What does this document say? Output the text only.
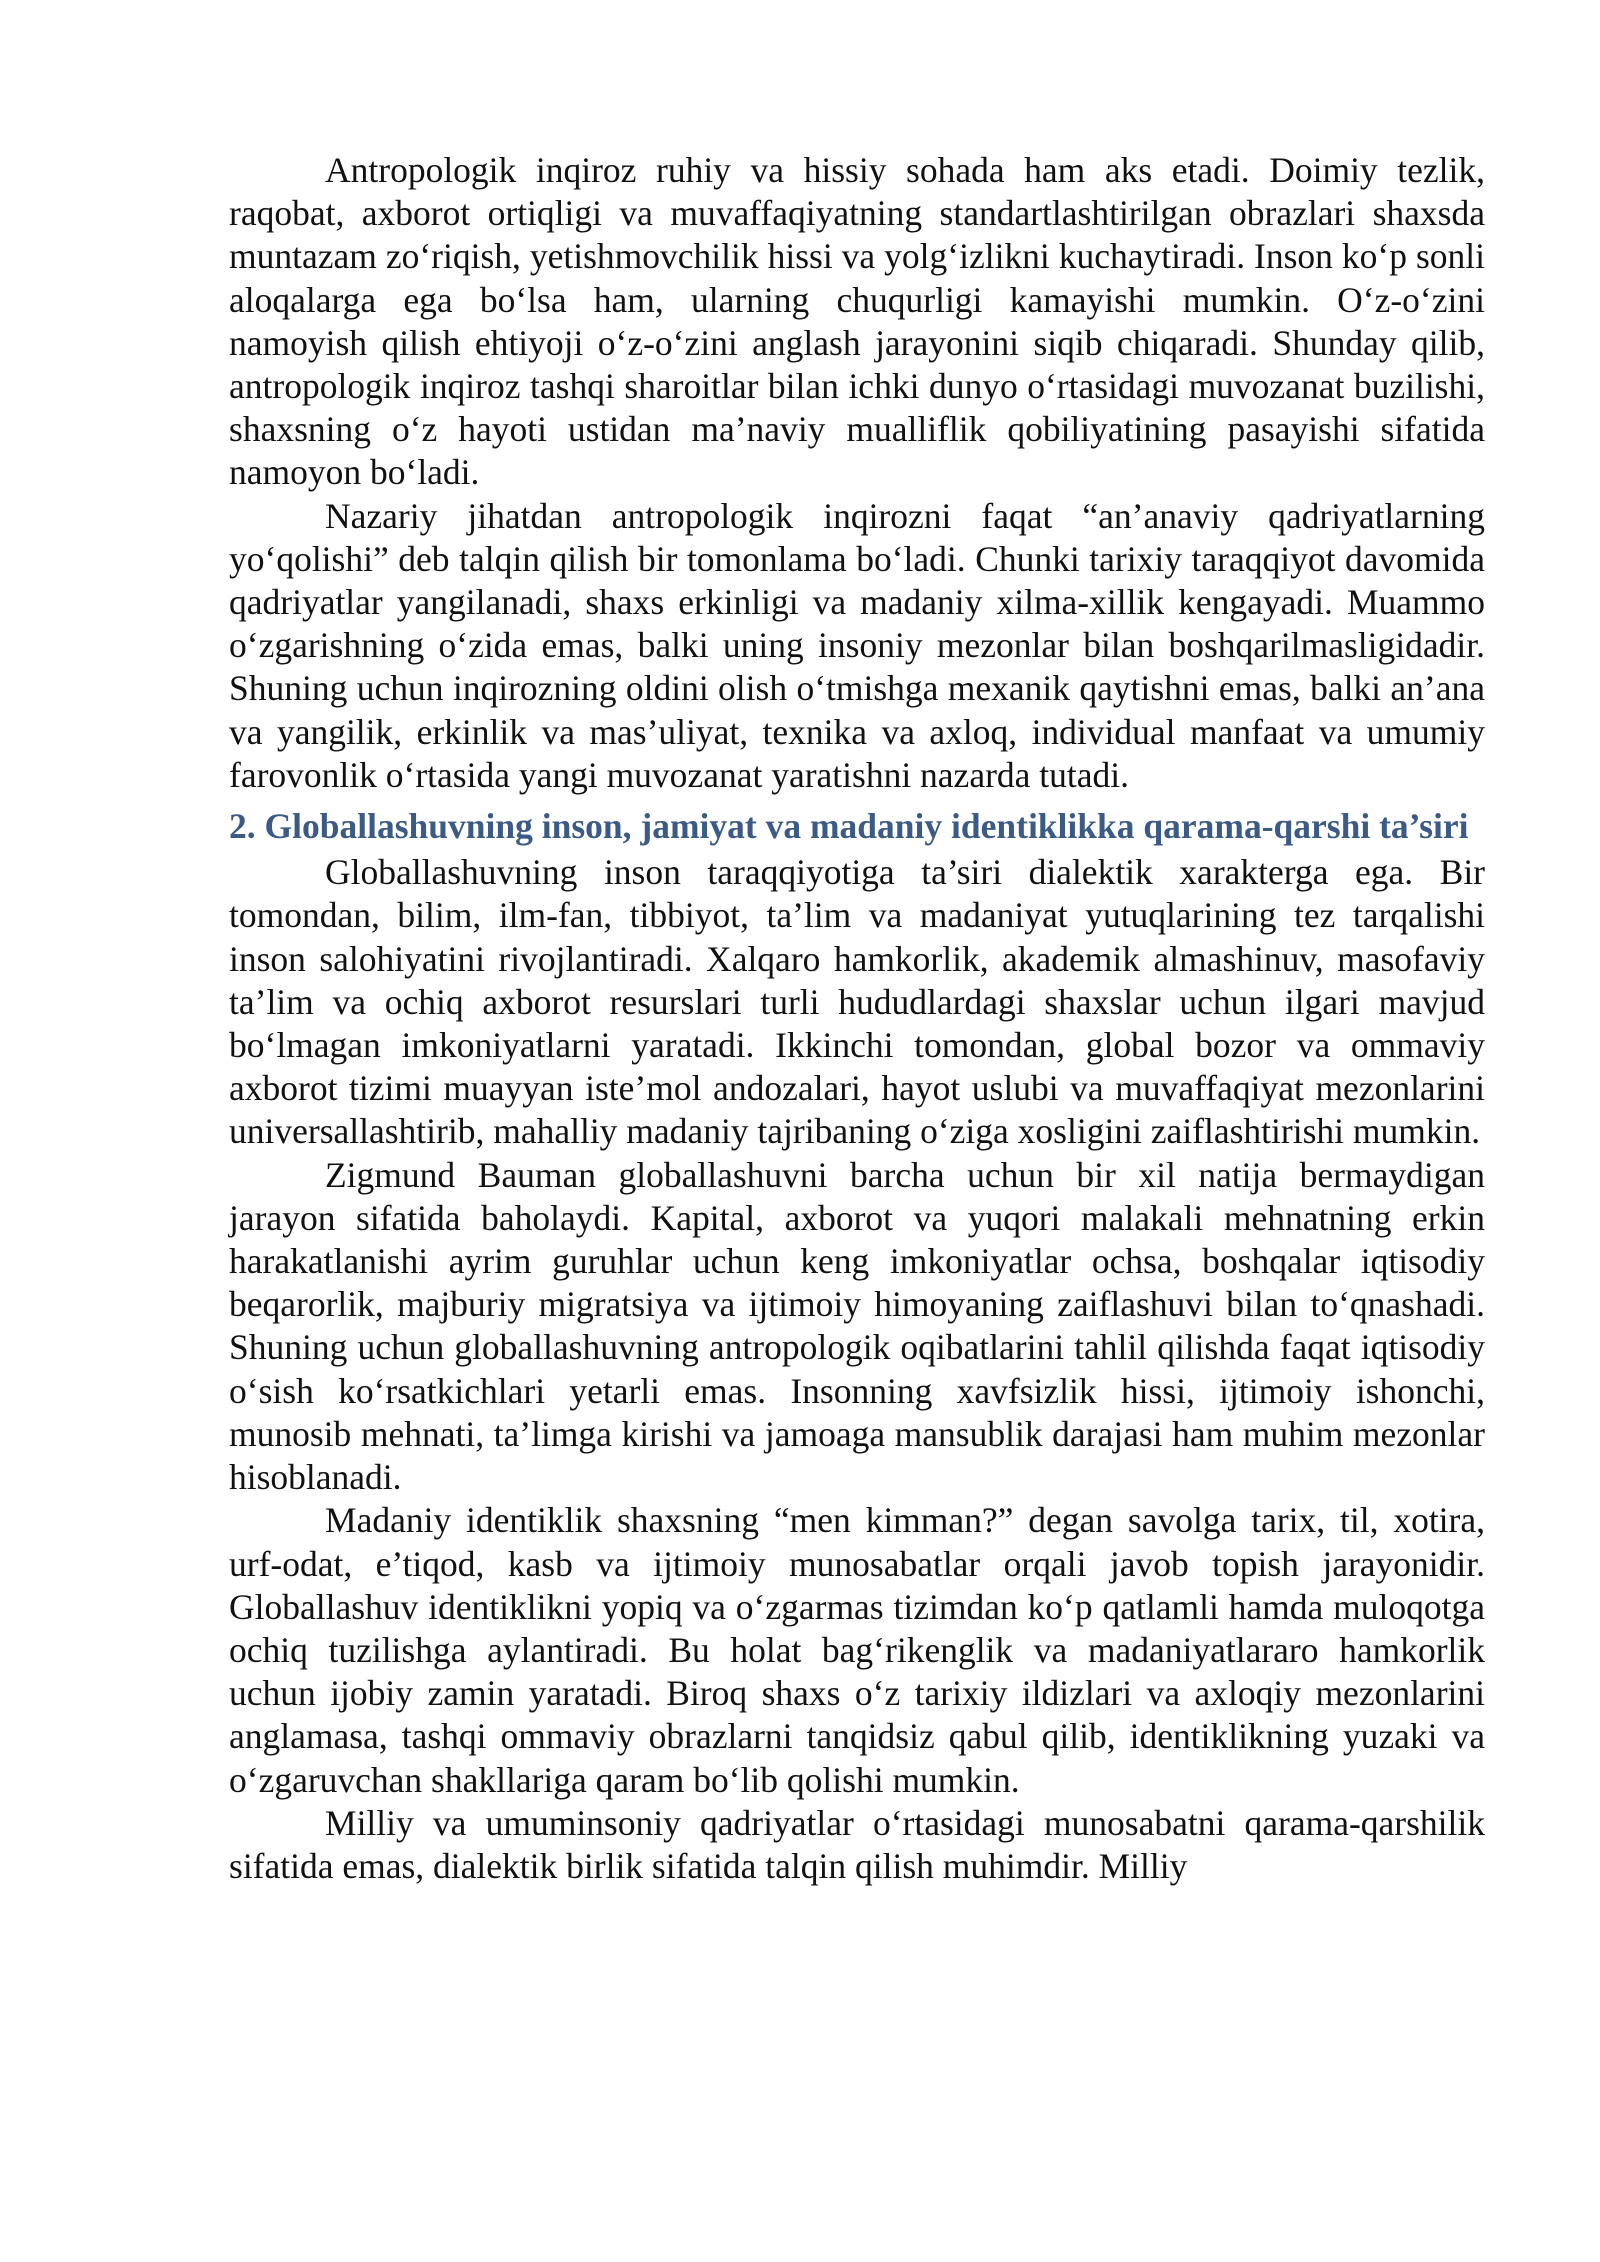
Antropologik inqiroz ruhiy va hissiy sohada ham aks etadi. Doimiy tezlik, raqobat, axborot ortiqligi va muvaffaqiyatning standartlashtirilgan obrazlari shaxsda muntazam zo‘riqish, yetishmovchilik hissi va yolg‘izlikni kuchaytiradi. Inson ko‘p sonli aloqalarga ega bo‘lsa ham, ularning chuqurligi kamayishi mumkin. O‘z-o‘zini namoyish qilish ehtiyoji o‘z-o‘zini anglash jarayonini siqib chiqaradi. Shunday qilib, antropologik inqiroz tashqi sharoitlar bilan ichki dunyo o‘rtasidagi muvozanat buzilishi, shaxsning o‘z hayoti ustidan ma’naviy mualliflik qobiliyatining pasayishi sifatida namoyon bo‘ladi.

Nazariy jihatdan antropologik inqirozni faqat “an’anaviy qadriyatlarning yo‘qolishi” deb talqin qilish bir tomonlama bo‘ladi. Chunki tarixiy taraqqiyot davomida qadriyatlar yangilanadi, shaxs erkinligi va madaniy xilma-xillik kengayadi. Muammo o‘zgarishning o‘zida emas, balki uning insoniy mezonlar bilan boshqarilmasligidadir. Shuning uchun inqirozning oldini olish o‘tmishga mexanik qaytishni emas, balki an’ana va yangilik, erkinlik va mas’uliyat, texnika va axloq, individual manfaat va umumiy farovonlik o‘rtasida yangi muvozanat yaratishni nazarda tutadi.

2. Globallashuvning inson, jamiyat va madaniy identiklikka qarama-qarshi ta’siri

Globallashuvning inson taraqqiyotiga ta’siri dialektik xarakterga ega. Bir tomondan, bilim, ilm-fan, tibbiyot, ta’lim va madaniyat yutuqlarining tez tarqalishi inson salohiyatini rivojlantiradi. Xalqaro hamkorlik, akademik almashinuv, masofaviy ta’lim va ochiq axborot resurslari turli hududlardagi shaxslar uchun ilgari mavjud bo‘lmagan imkoniyatlarni yaratadi. Ikkinchi tomondan, global bozor va ommaviy axborot tizimi muayyan iste’mol andozalari, hayot uslubi va muvaffaqiyat mezonlarini universallashtirib, mahalliy madaniy tajribaning o‘ziga xosligini zaiflashtirishi mumkin.

Zigmund Bauman globallashuvni barcha uchun bir xil natija bermaydigan jarayon sifatida baholaydi. Kapital, axborot va yuqori malakali mehnatning erkin harakatlanishi ayrim guruhlar uchun keng imkoniyatlar ochsa, boshqalar iqtisodiy beqarorlik, majburiy migratsiya va ijtimoiy himoyaning zaiflashuvi bilan to‘qnashadi. Shuning uchun globallashuvning antropologik oqibatlarini tahlil qilishda faqat iqtisodiy o‘sish ko‘rsatkichlari yetarli emas. Insonning xavfsizlik hissi, ijtimoiy ishonchi, munosib mehnati, ta’limga kirishi va jamoaga mansublik darajasi ham muhim mezonlar hisoblanadi.

Madaniy identiklik shaxsning “men kimman?” degan savolga tarix, til, xotira, urf-odat, e’tiqod, kasb va ijtimoiy munosabatlar orqali javob topish jarayonidir. Globallashuv identiklikni yopiq va o‘zgarmas tizimdan ko‘p qatlamli hamda muloqotga ochiq tuzilishga aylantiradi. Bu holat bag‘rikenglik va madaniyatlararo hamkorlik uchun ijobiy zamin yaratadi. Biroq shaxs o‘z tarixiy ildizlari va axloqiy mezonlarini anglamasa, tashqi ommaviy obrazlarni tanqidsiz qabul qilib, identiklikning yuzaki va o‘zgaruvchan shakllariga qaram bo‘lib qolishi mumkin.

Milliy va umuminsoniy qadriyatlar o‘rtasidagi munosabatni qarama-qarshilik sifatida emas, dialektik birlik sifatida talqin qilish muhimdir. Milliy
